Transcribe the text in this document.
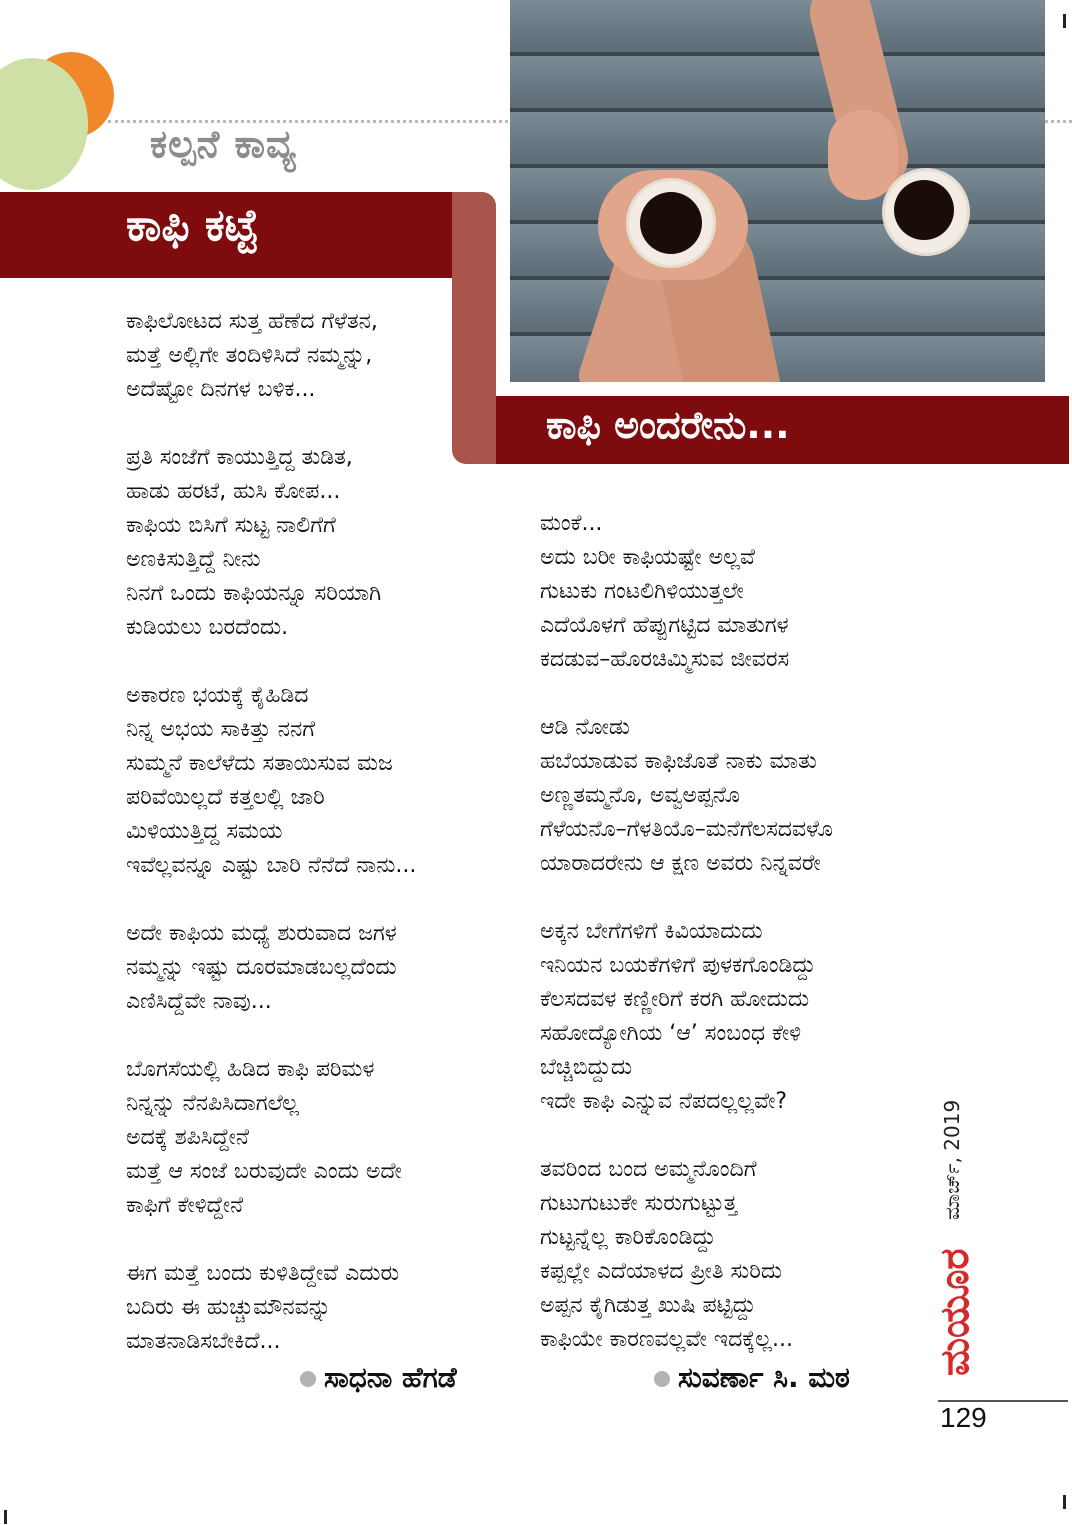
ಕಲ್ಪನೆ ಕಾವ್ಯ
ಕಾಫಿ ಕಟ್ಟೆ
ಕಾಫಿ ಅಂದರೇನು...

ಕಾಫಿಲೋಟದ ಸುತ್ತ ಹೆಣೆದ ಗೆಳೆತನ,
ಮತ್ತೆ ಅಲ್ಲಿಗೇ ತಂದಿಳಿಸಿದೆ ನಮ್ಮನ್ನು,
ಅದೆಷ್ಟೋ ದಿನಗಳ ಬಳಿಕ...

ಪ್ರತಿ ಸಂಜೆಗೆ ಕಾಯುತ್ತಿದ್ದ ತುಡಿತ,
ಹಾಡು ಹರಟೆ, ಹುಸಿ ಕೋಪ...
ಕಾಫಿಯ ಬಿಸಿಗೆ ಸುಟ್ಟ ನಾಲಿಗೆಗೆ
ಅಣಕಿಸುತ್ತಿದ್ದೆ ನೀನು
ನಿನಗೆ ಒಂದು ಕಾಫಿಯನ್ನೂ ಸರಿಯಾಗಿ
ಕುಡಿಯಲು ಬರದೆಂದು.

ಅಕಾರಣ ಭಯಕ್ಕೆ ಕೈಹಿಡಿದ
ನಿನ್ನ ಅಭಯ ಸಾಕಿತ್ತು ನನಗೆ
ಸುಮ್ಮನೆ ಕಾಲೆಳೆದು ಸತಾಯಿಸುವ ಮಜ
ಪರಿವೆಯಿಲ್ಲದೆ ಕತ್ತಲಲ್ಲಿ ಜಾರಿ
ಮಿಳಿಯುತ್ತಿದ್ದ ಸಮಯ
ಇವೆಲ್ಲವನ್ನೂ ಎಷ್ಟು ಬಾರಿ ನೆನೆದೆ ನಾನು...

ಅದೇ ಕಾಫಿಯ ಮಧ್ಯೆ ಶುರುವಾದ ಜಗಳ
ನಮ್ಮನ್ನು ಇಷ್ಟು ದೂರಮಾಡಬಲ್ಲದೆಂದು
ಎಣಿಸಿದ್ದೆವೇ ನಾವು...

ಬೊಗಸೆಯಲ್ಲಿ ಹಿಡಿದ ಕಾಫಿ ಪರಿಮಳ
ನಿನ್ನನ್ನು ನೆನಪಿಸಿದಾಗಲೆಲ್ಲ
ಅದಕ್ಕೆ ಶಪಿಸಿದ್ದೇನೆ
ಮತ್ತೆ ಆ ಸಂಜೆ ಬರುವುದೇ ಎಂದು ಅದೇ
ಕಾಫಿಗೆ ಕೇಳಿದ್ದೇನೆ

ಈಗ ಮತ್ತೆ ಬಂದು ಕುಳಿತಿದ್ದೇವೆ ಎದುರು
ಬದಿರು ಈ ಹುಚ್ಚುಮೌನವನ್ನು
ಮಾತನಾಡಿಸಬೇಕಿದೆ...

ಸಾಧನಾ ಹೆಗಡೆ

ಮಂಕೆ...
ಅದು ಬರೀ ಕಾಫಿಯಷ್ಟೇ ಅಲ್ಲವೆ
ಗುಟುಕು ಗಂಟಲಿಗಿಳಿಯುತ್ತಲೇ
ಎದೆಯೊಳಗೆ ಹೆಪ್ಪುಗಟ್ಟಿದ ಮಾತುಗಳ
ಕದಡುವ–ಹೊರಚಿಮ್ಮಿಸುವ ಜೀವರಸ

ಆಡಿ ನೋಡು
ಹಬೆಯಾಡುವ ಕಾಫಿಜೊತೆ ನಾಕು ಮಾತು
ಅಣ್ಣತಮ್ಮನೊ, ಅವ್ವಅಪ್ಪನೊ
ಗೆಳೆಯನೊ–ಗೆಳತಿಯೊ–ಮನೆಗೆಲಸದವಳೊ
ಯಾರಾದರೇನು ಆ ಕ್ಷಣ ಅವರು ನಿನ್ನವರೇ

ಅಕ್ಕನ ಬೇಗೆಗಳಿಗೆ ಕಿವಿಯಾದುದು
ಇನಿಯನ ಬಯಕೆಗಳಿಗೆ ಪುಳಕಗೊಂಡಿದ್ದು
ಕೆಲಸದವಳ ಕಣ್ಣೀರಿಗೆ ಕರಗಿ ಹೋದುದು
ಸಹೋದ್ಯೋಗಿಯ ‘ಆ’ ಸಂಬಂಧ ಕೇಳಿ
ಬೆಚ್ಚಿಬಿದ್ದುದು
ಇದೇ ಕಾಫಿ ಎನ್ನುವ ನೆಪದಲ್ಲಲ್ಲವೇ?

ತವರಿಂದ ಬಂದ ಅಮ್ಮನೊಂದಿಗೆ
ಗುಟುಗುಟುಕೇ ಸುರುಗುಟ್ಟುತ್ತ
ಗುಟ್ಟನ್ನೆಲ್ಲ ಕಾರಿಕೊಂಡಿದ್ದು
ಕಪ್ಪಲ್ಲೇ ಎದೆಯಾಳದ ಪ್ರೀತಿ ಸುರಿದು
ಅಪ್ಪನ ಕೈಗಿಡುತ್ತ ಖುಷಿ ಪಟ್ಟಿದ್ದು
ಕಾಫಿಯೇ ಕಾರಣವಲ್ಲವೇ ಇದಕ್ಕೆಲ್ಲ...

ಸುವರ್ಣಾ ಸಿ. ಮಠ
ಮಾರ್ಚ್, 2019
ಮಯೂರ
129
